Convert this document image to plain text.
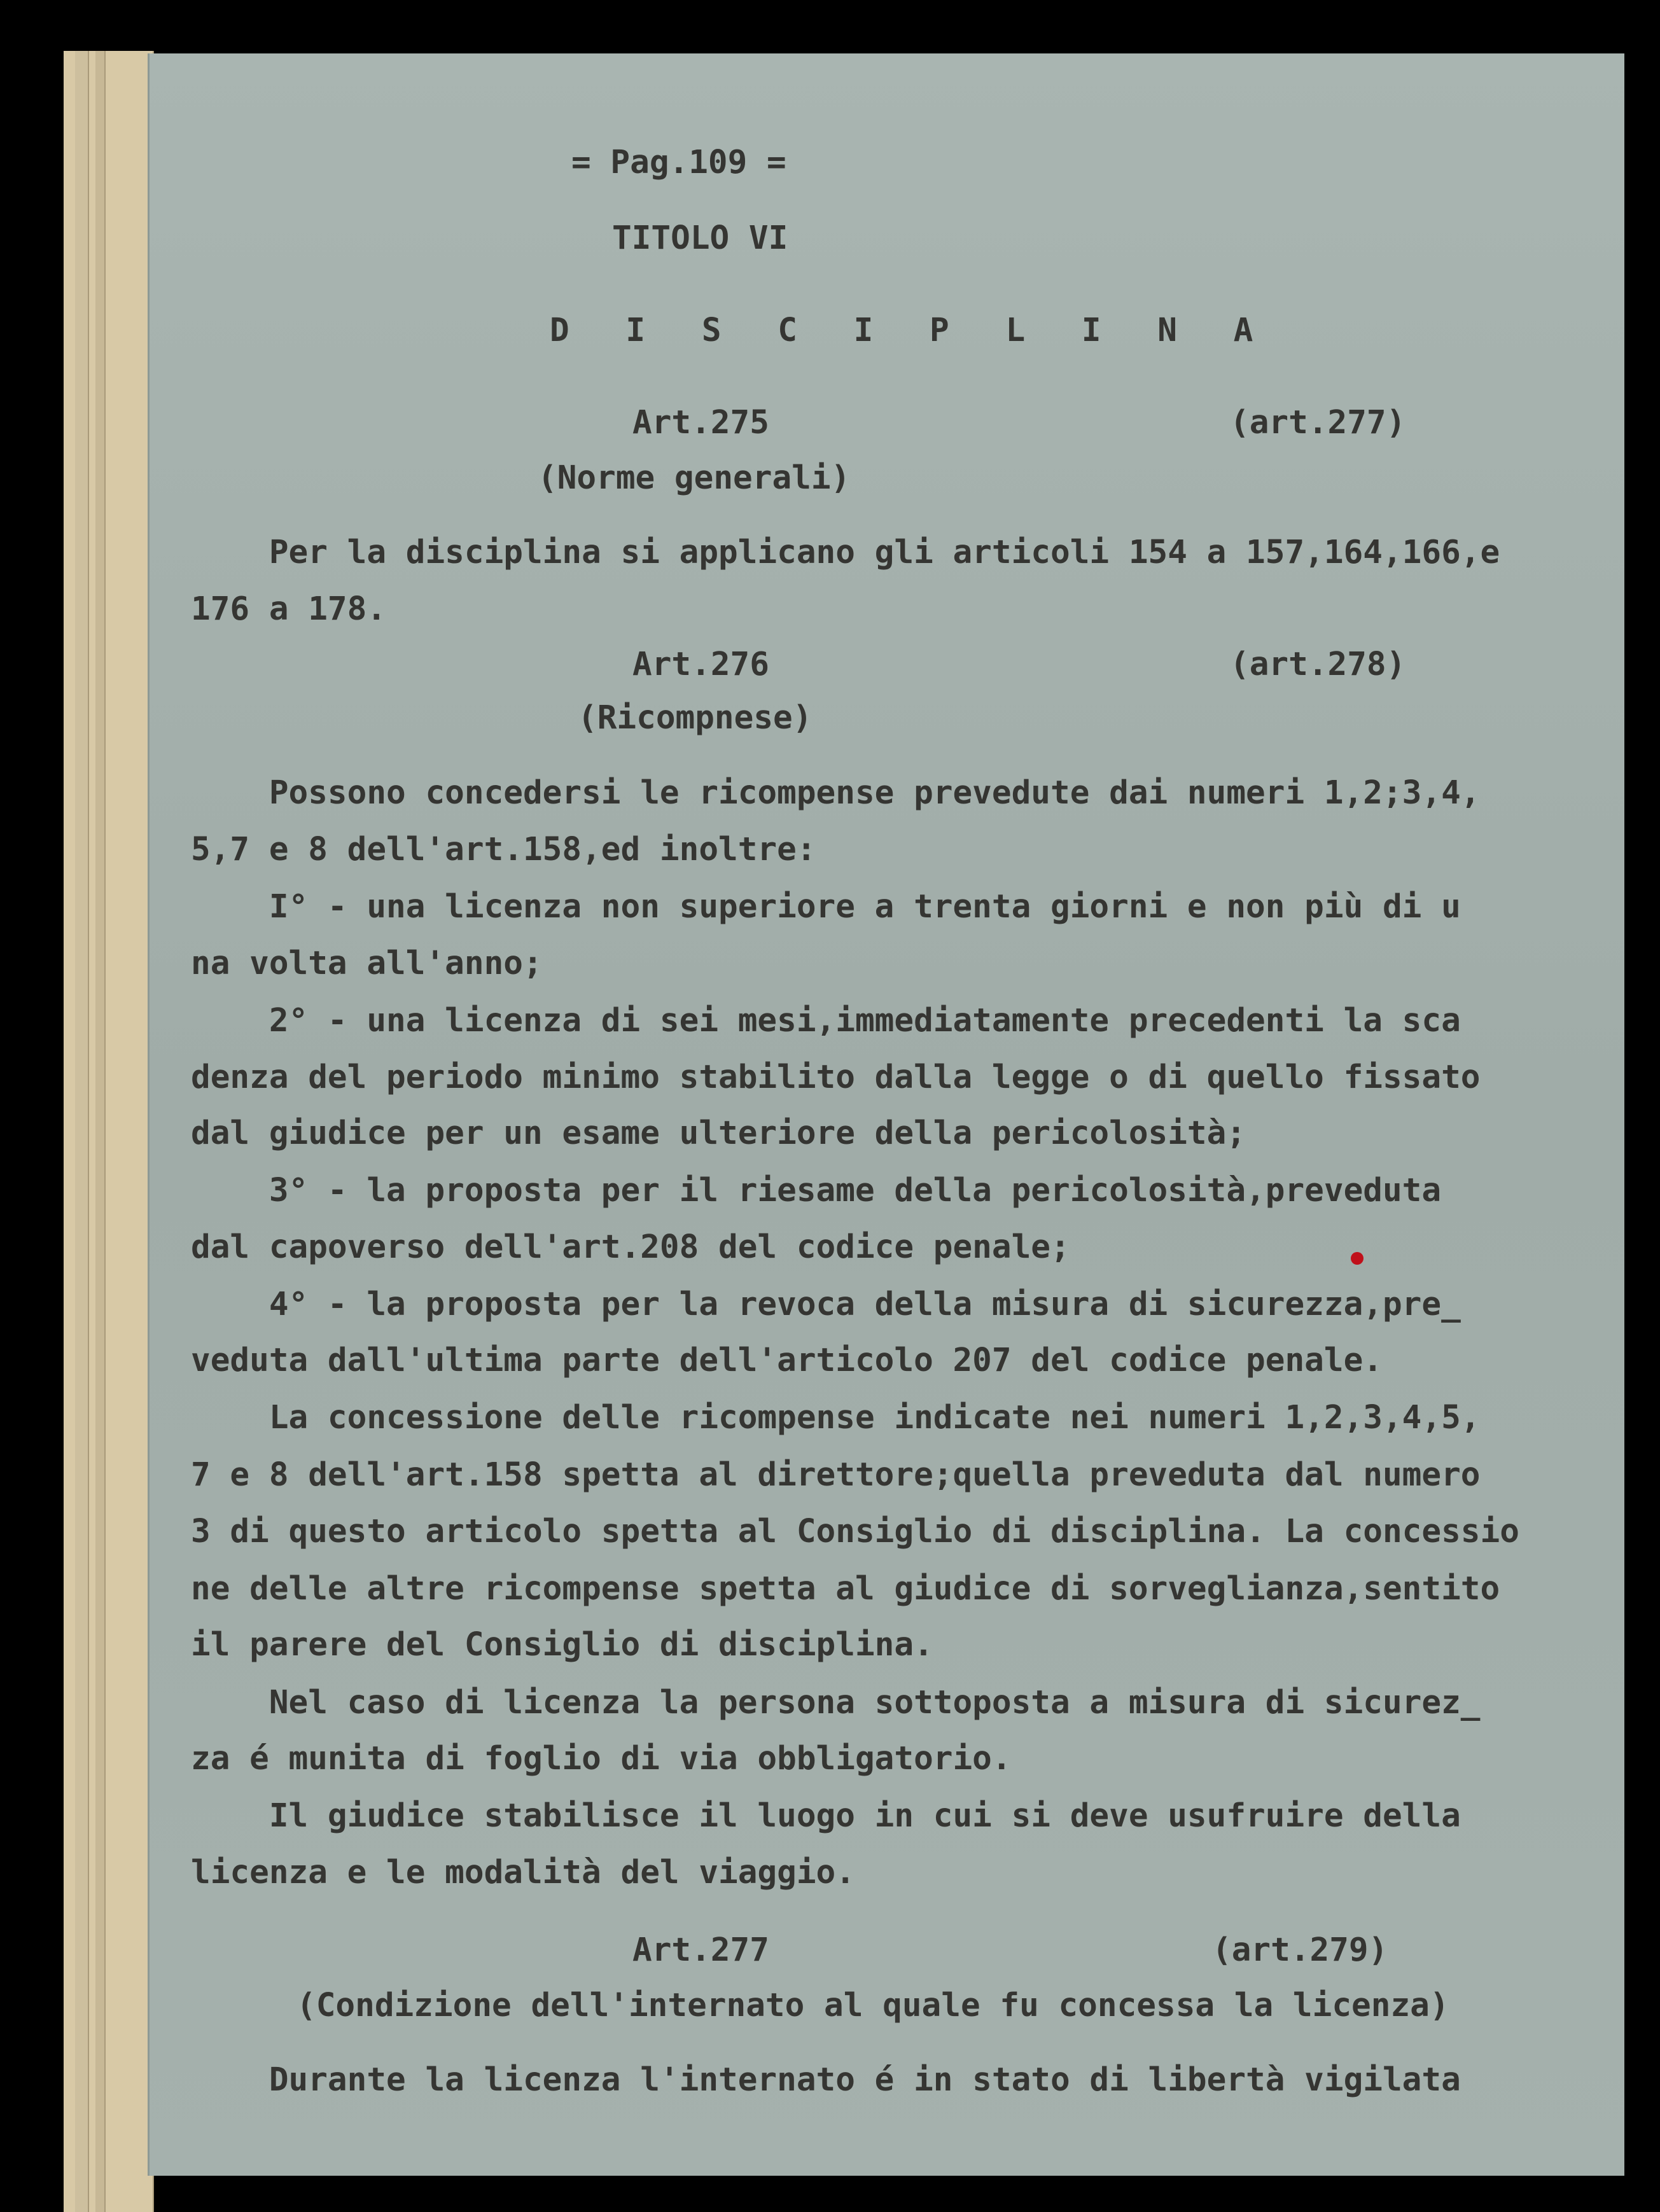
= Pag.109 =
TITOLO VI
D I S C I P L I N A
Art.275	(art.277)
(Norme generali)
Per la disciplina si applicano gli articoli 154 a 157,164,166,e
176 a 178.
Art.276	(art.278)
(Ricompnese)
Possono concedersi le ricompense prevedute dai numeri 1,2;3,4,
5,7 e 8 dell'art.158,ed inoltre:
I° - una licenza non superiore a trenta giorni e non più di u
na volta all'anno;
2° - una licenza di sei mesi,immediatamente precedenti la sca
denza del periodo minimo stabilito dalla legge o di quello fissato
dal giudice per un esame ulteriore della pericolosità;
3° - la proposta per il riesame della pericolosità,preveduta
dal capoverso dell'art.208 del codice penale;
4° - la proposta per la revoca della misura di sicurezza,pre_
veduta dall'ultima parte dell'articolo 207 del codice penale.
La concessione delle ricompense indicate nei numeri 1,2,3,4,5,
7 e 8 dell'art.158 spetta al direttore;quella preveduta dal numero
3 di questo articolo spetta al Consiglio di disciplina. La concessio
ne delle altre ricompense spetta al giudice di sorveglianza,sentito
il parere del Consiglio di disciplina.
Nel caso di licenza la persona sottoposta a misura di sicurez_
za é munita di foglio di via obbligatorio.
Il giudice stabilisce il luogo in cui si deve usufruire della
licenza e le modalità del viaggio.
Art.277	(art.279)
(Condizione dell'internato al quale fu concessa la licenza)
Durante la licenza l'internato é in stato di libertà vigilata
